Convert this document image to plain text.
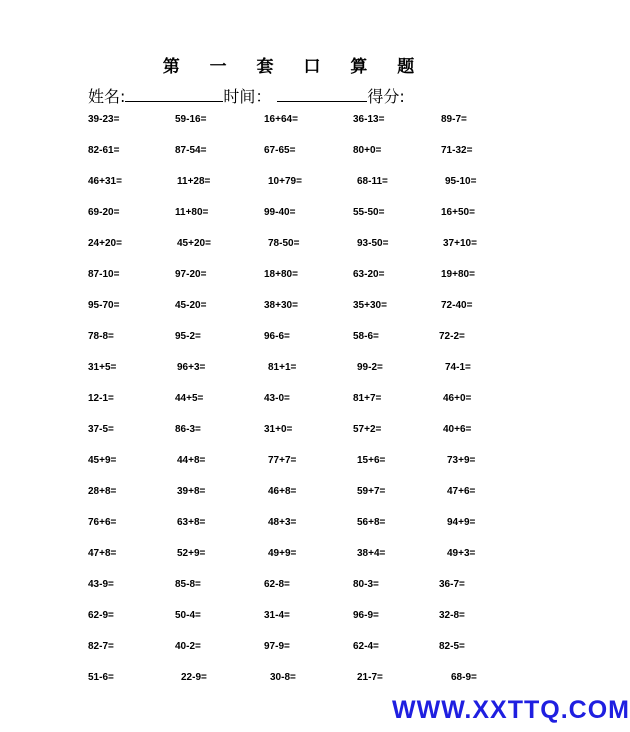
第 一 套 口 算 题
姓名:	时间：	得分:
39-23=	59-16=	16+64=	36-13=	89-7=
82-61=	87-54=	67-65=	80+0=	71-32=
46+31=	11+28=	10+79=	68-11=	95-10=
69-20=	11+80=	99-40=	55-50=	16+50=
24+20=	45+20=	78-50=	93-50=	37+10=
87-10=	97-20=	18+80=	63-20=	19+80=
95-70=	45-20=	38+30=	35+30=	72-40=
78-8=	95-2=	96-6=	58-6=	72-2=
31+5=	96+3=	81+1=	99-2=	74-1=
12-1=	44+5=	43-0=	81+7=	46+0=
37-5=	86-3=	31+0=	57+2=	40+6=
45+9=	44+8=	77+7=	15+6=	73+9=
28+8=	39+8=	46+8=	59+7=	47+6=
76+6=	63+8=	48+3=	56+8=	94+9=
47+8=	52+9=	49+9=	38+4=	49+3=
43-9=	85-8=	62-8=	80-3=	36-7=
62-9=	50-4=	31-4=	96-9=	32-8=
82-7=	40-2=	97-9=	62-4=	82-5=
51-6=	22-9=	30-8=	21-7=	68-9=
WWW.XXTTQ.COM
